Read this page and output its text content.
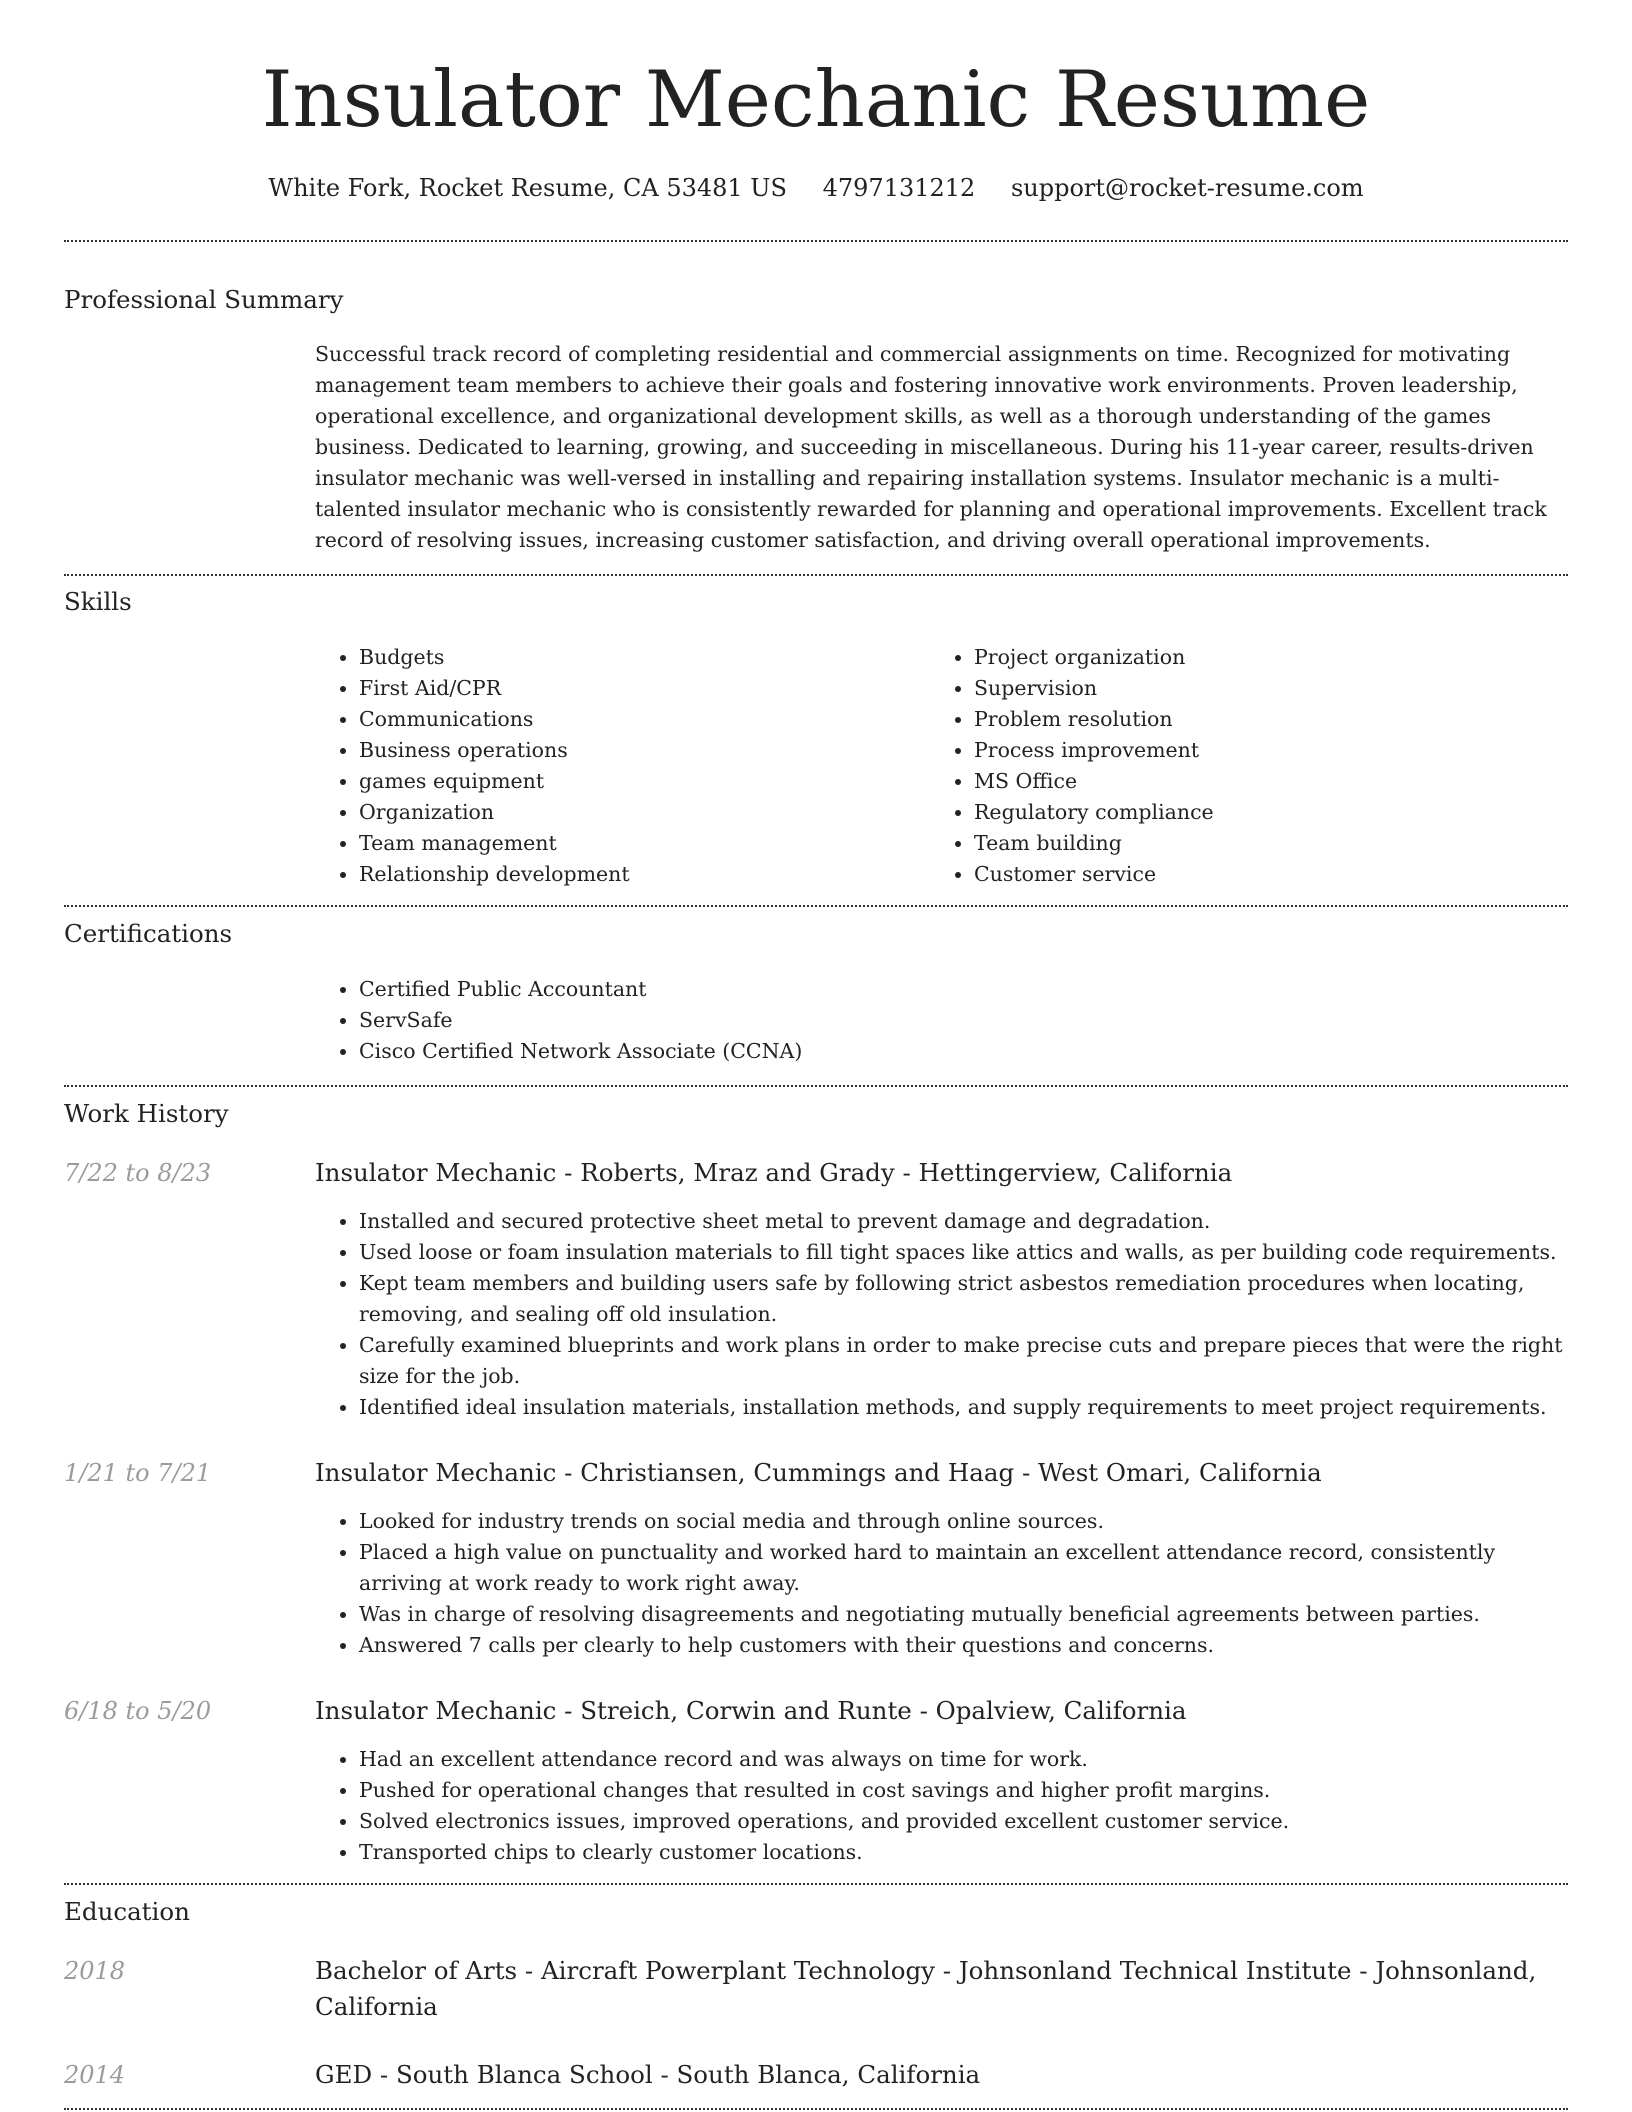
Insulator Mechanic Resume
White Fork, Rocket Resume, CA 53481 US 4797131212 support@rocket-resume.com
Professional Summary
Successful track record of completing residential and commercial assignments on time. Recognized for motivating management team members to achieve their goals and fostering innovative work environments. Proven leadership, operational excellence, and organizational development skills, as well as a thorough understanding of the games business. Dedicated to learning, growing, and succeeding in miscellaneous. During his 11-year career, results-driven insulator mechanic was well-versed in installing and repairing installation systems. Insulator mechanic is a multi-talented insulator mechanic who is consistently rewarded for planning and operational improvements. Excellent track record of resolving issues, increasing customer satisfaction, and driving overall operational improvements.
Skills
• Budgets
• First Aid/CPR
• Communications
• Business operations
• games equipment
• Organization
• Team management
• Relationship development
• Project organization
• Supervision
• Problem resolution
• Process improvement
• MS Office
• Regulatory compliance
• Team building
• Customer service
Certifications
• Certified Public Accountant
• ServSafe
• Cisco Certified Network Associate (CCNA)
Work History
7/22 to 8/23	Insulator Mechanic - Roberts, Mraz and Grady - Hettingerview, California
• Installed and secured protective sheet metal to prevent damage and degradation.
• Used loose or foam insulation materials to fill tight spaces like attics and walls, as per building code requirements.
• Kept team members and building users safe by following strict asbestos remediation procedures when locating, removing, and sealing off old insulation.
• Carefully examined blueprints and work plans in order to make precise cuts and prepare pieces that were the right size for the job.
• Identified ideal insulation materials, installation methods, and supply requirements to meet project requirements.
1/21 to 7/21	Insulator Mechanic - Christiansen, Cummings and Haag - West Omari, California
• Looked for industry trends on social media and through online sources.
• Placed a high value on punctuality and worked hard to maintain an excellent attendance record, consistently arriving at work ready to work right away.
• Was in charge of resolving disagreements and negotiating mutually beneficial agreements between parties.
• Answered 7 calls per clearly to help customers with their questions and concerns.
6/18 to 5/20	Insulator Mechanic - Streich, Corwin and Runte - Opalview, California
• Had an excellent attendance record and was always on time for work.
• Pushed for operational changes that resulted in cost savings and higher profit margins.
• Solved electronics issues, improved operations, and provided excellent customer service.
• Transported chips to clearly customer locations.
Education
2018	Bachelor of Arts - Aircraft Powerplant Technology - Johnsonland Technical Institute - Johnsonland, California
2014	GED - South Blanca School - South Blanca, California
